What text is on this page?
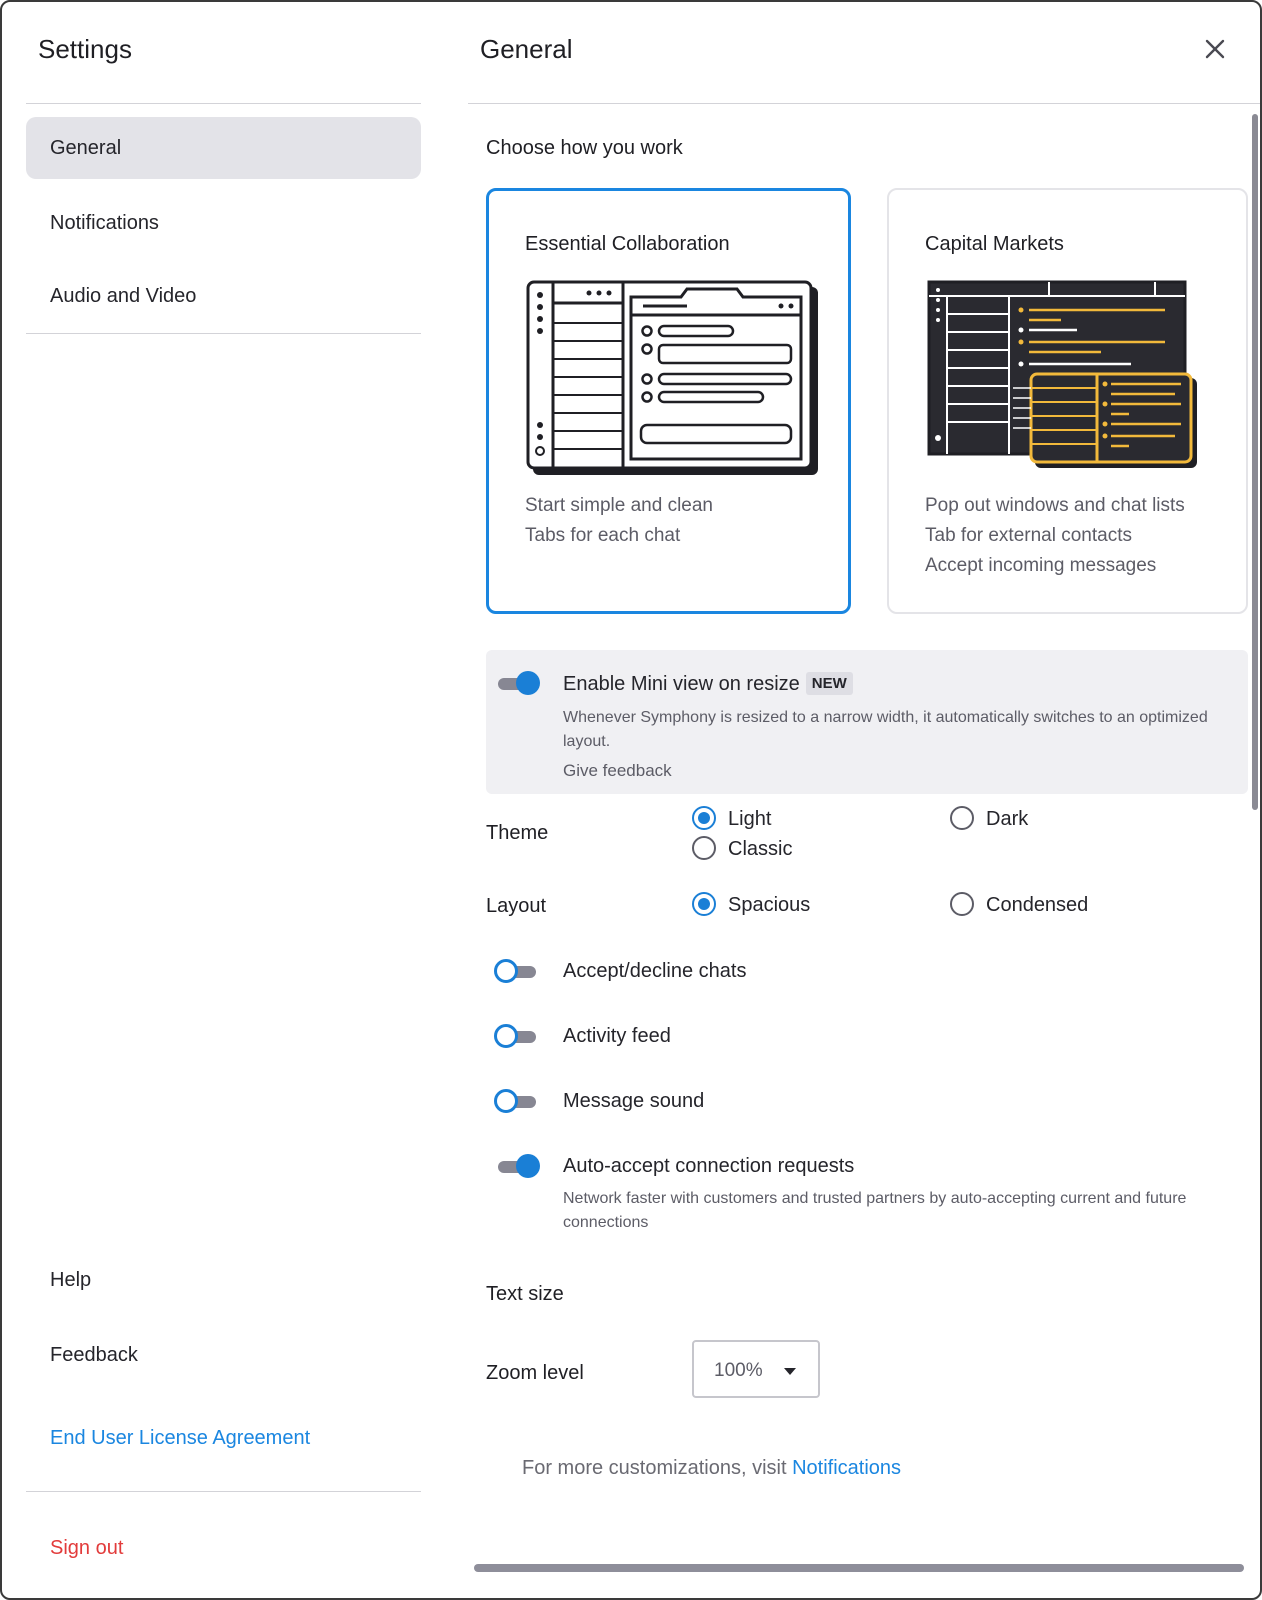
Settings
General
Notifications
Audio and Video
Help
Feedback
End User License Agreement
Sign out
General
Choose how you work
Essential Collaboration
Start simple and clean
Tabs for each chat
Capital Markets
Pop out windows and chat lists
Tab for external contacts
Accept incoming messages
Enable Mini view on resize NEW
Whenever Symphony is resized to a narrow width, it automatically switches to an optimized layout.
Give feedback
Theme
Light	Dark
Classic
Layout	Spacious	Condensed
Accept/decline chats
Activity feed
Message sound
Auto-accept connection requests
Network faster with customers and trusted partners by auto-accepting current and future connections
Text size
Zoom level	100%
For more customizations, visit Notifications
